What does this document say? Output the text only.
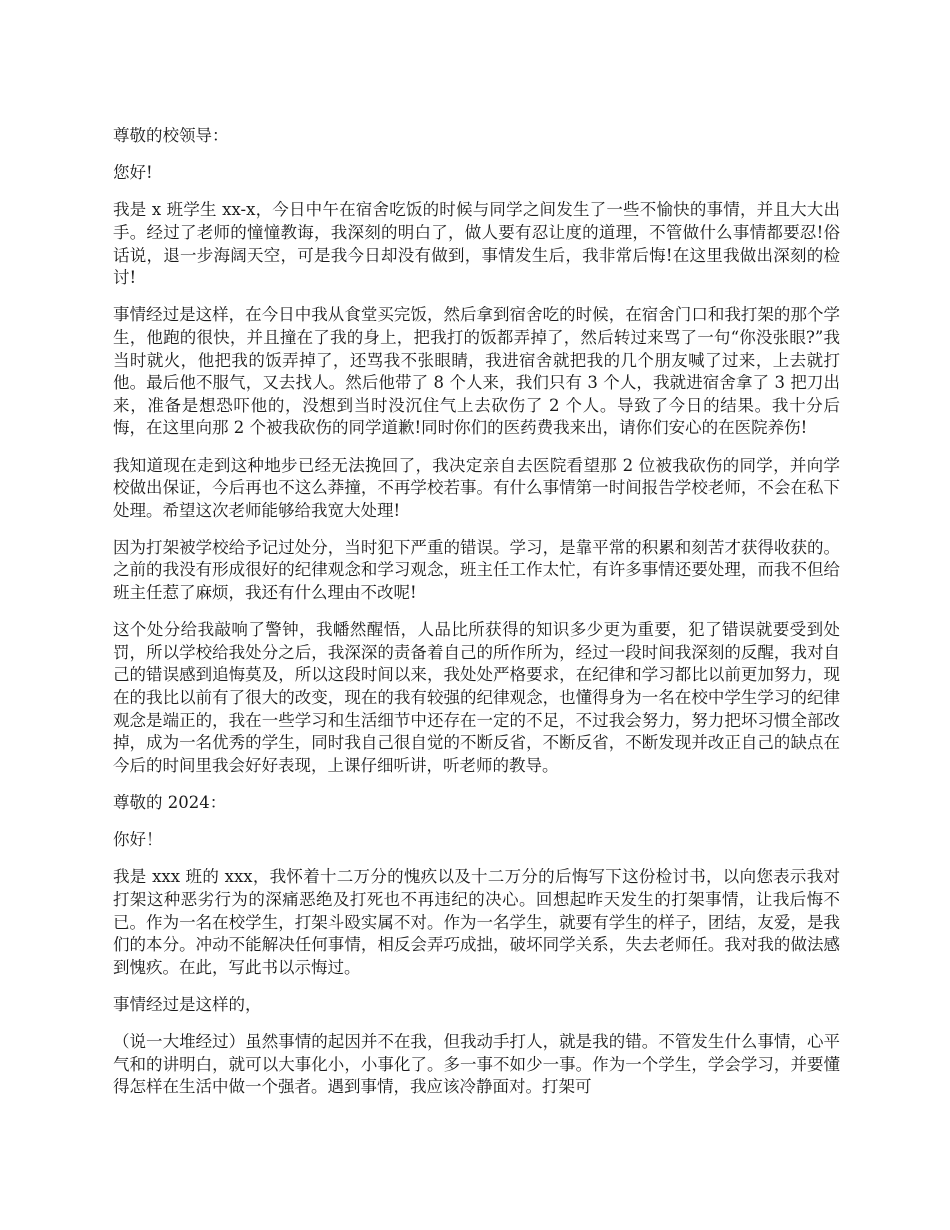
尊敬的校领导：

您好!

我是 x 班学生 xx-x，今日中午在宿舍吃饭的时候与同学之间发生了一些不愉快的事情，并且大大出手。经过了老师的憧憧教诲，我深刻的明白了，做人要有忍让度的道理，不管做什么事情都要忍!俗话说，退一步海阔天空，可是我今日却没有做到，事情发生后，我非常后悔!在这里我做出深刻的检讨!

事情经过是这样，在今日中我从食堂买完饭，然后拿到宿舍吃的时候，在宿舍门口和我打架的那个学生，他跑的很快，并且撞在了我的身上，把我打的饭都弄掉了，然后转过来骂了一句“你没张眼?”我当时就火，他把我的饭弄掉了，还骂我不张眼睛，我进宿舍就把我的几个朋友喊了过来，上去就打他。最后他不服气，又去找人。然后他带了 8 个人来，我们只有 3 个人，我就进宿舍拿了 3 把刀出来，准备是想恐吓他的，没想到当时没沉住气上去砍伤了 2 个人。导致了今日的结果。我十分后悔，在这里向那 2 个被我砍伤的同学道歉!同时你们的医药费我来出，请你们安心的在医院养伤!

我知道现在走到这种地步已经无法挽回了，我决定亲自去医院看望那 2 位被我砍伤的同学，并向学校做出保证，今后再也不这么莽撞，不再学校若事。有什么事情第一时间报告学校老师，不会在私下处理。希望这次老师能够给我宽大处理!

因为打架被学校给予记过处分，当时犯下严重的错误。学习，是靠平常的积累和刻苦才获得收获的。之前的我没有形成很好的纪律观念和学习观念，班主任工作太忙，有许多事情还要处理，而我不但给班主任惹了麻烦，我还有什么理由不改呢!

这个处分给我敲响了警钟，我幡然醒悟，人品比所获得的知识多少更为重要，犯了错误就要受到处罚，所以学校给我处分之后，我深深的责备着自己的所作所为，经过一段时间我深刻的反醒，我对自己的错误感到追悔莫及，所以这段时间以来，我处处严格要求，在纪律和学习都比以前更加努力，现在的我比以前有了很大的改变，现在的我有较强的纪律观念，也懂得身为一名在校中学生学习的纪律观念是端正的，我在一些学习和生活细节中还存在一定的不足，不过我会努力，努力把坏习惯全部改掉，成为一名优秀的学生，同时我自己很自觉的不断反省，不断反省，不断发现并改正自己的缺点在今后的时间里我会好好表现，上课仔细听讲，听老师的教导。

尊敬的 2024：

你好！

我是 xxx 班的 xxx，我怀着十二万分的愧疚以及十二万分的后悔写下这份检讨书，以向您表示我对打架这种恶劣行为的深痛恶绝及打死也不再违纪的决心。回想起昨天发生的打架事情，让我后悔不已。作为一名在校学生，打架斗殴实属不对。作为一名学生，就要有学生的样子，团结，友爱，是我们的本分。冲动不能解决任何事情，相反会弄巧成拙，破坏同学关系，失去老师任。我对我的做法感到愧疚。在此，写此书以示悔过。

事情经过是这样的，

（说一大堆经过）虽然事情的起因并不在我，但我动手打人，就是我的错。不管发生什么事情，心平气和的讲明白，就可以大事化小，小事化了。多一事不如少一事。作为一个学生，学会学习，并要懂得怎样在生活中做一个强者。遇到事情，我应该冷静面对。打架可
